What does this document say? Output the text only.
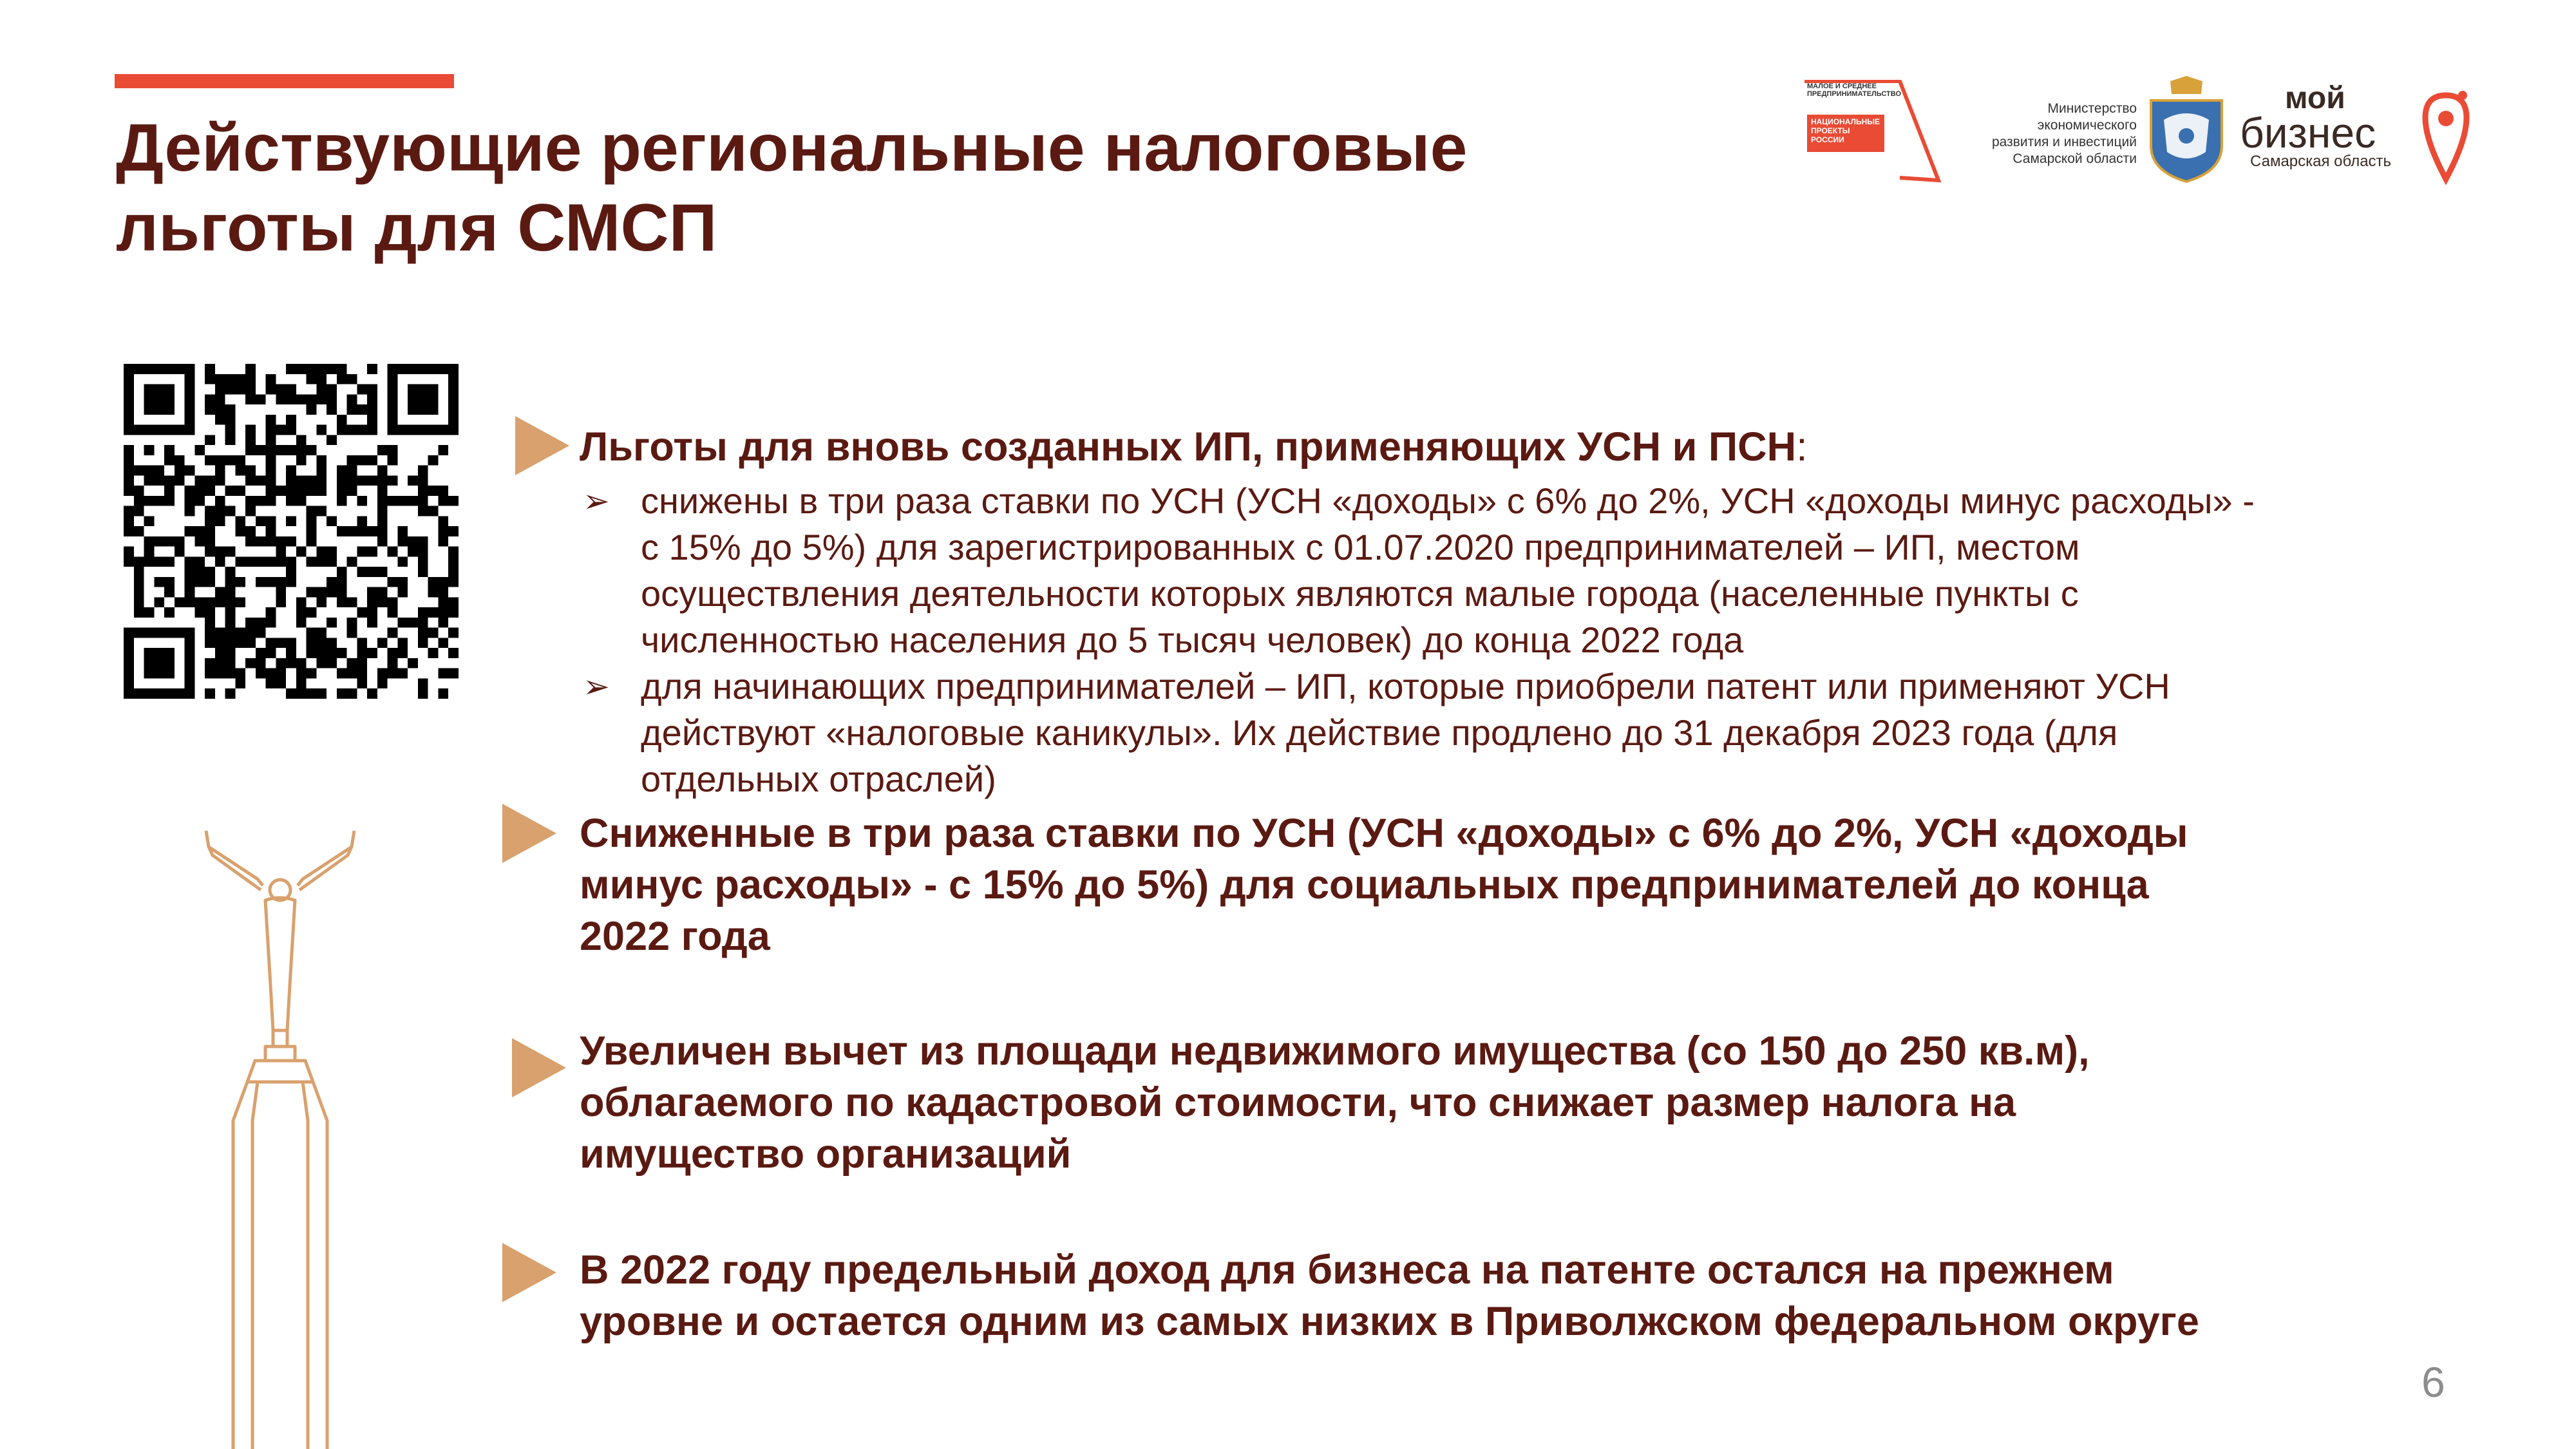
Действующие региональные налоговые
льготы для СМСП
МАЛОЕ И СРЕДНЕЕ
ПРЕДПРИНИМАТЕЛЬСТВО
НАЦИОНАЛЬНЫЕ
ПРОЕКТЫ
РОССИИ
Министерство
экономического
развития и инвестиций
Самарской области
мой
бизнес
Самарская область

Льготы для вновь созданных ИП, применяющих УСН и ПСН:

➢ снижены в три раза ставки по УСН (УСН «доходы» с 6% до 2%, УСН «доходы минус расходы» -
с 15% до 5%) для зарегистрированных с 01.07.2020 предпринимателей – ИП, местом
осуществления деятельности которых являются малые города (населенные пункты с
численностью населения до 5 тысяч человек) до конца 2022 года

➢ для начинающих предпринимателей – ИП, которые приобрели патент или применяют УСН
действуют «налоговые каникулы». Их действие продлено до 31 декабря 2023 года (для
отдельных отраслей)

Сниженные в три раза ставки по УСН (УСН «доходы» с 6% до 2%, УСН «доходы
минус расходы» - с 15% до 5%) для социальных предпринимателей до конца
2022 года

Увеличен вычет из площади недвижимого имущества (со 150 до 250 кв.м),
облагаемого по кадастровой стоимости, что снижает размер налога на
имущество организаций

В 2022 году предельный доход для бизнеса на патенте остался на прежнем
уровне и остается одним из самых низких в Приволжском федеральном округе

6
